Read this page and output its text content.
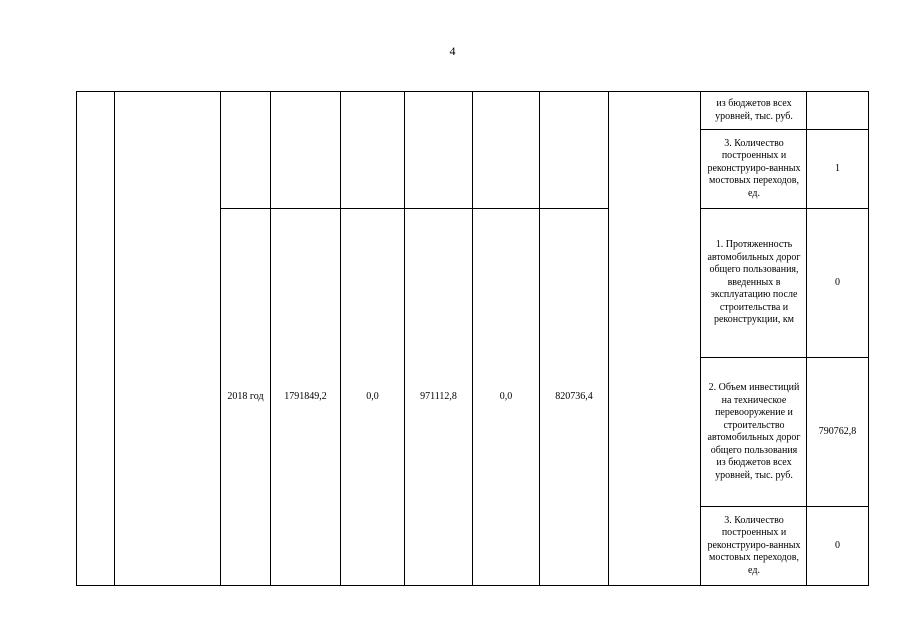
4
									из бюджетов всех уровней, тыс. руб.	
									3. Количество построенных и реконструиро-ванных мостовых переходов, ед.	1
		2018 год	1791849,2	0,0	971112,8	0,0	820736,4		1. Протяженность автомобильных дорог общего пользования, введенных в эксплуатацию после строительства и реконструкции, км	0
									2. Объем инвестиций на техническое перевооружение и строительство автомобильных дорог общего пользования из бюджетов всех уровней, тыс. руб.	790762,8
									3. Количество построенных и реконструиро-ванных мостовых переходов, ед.	0
